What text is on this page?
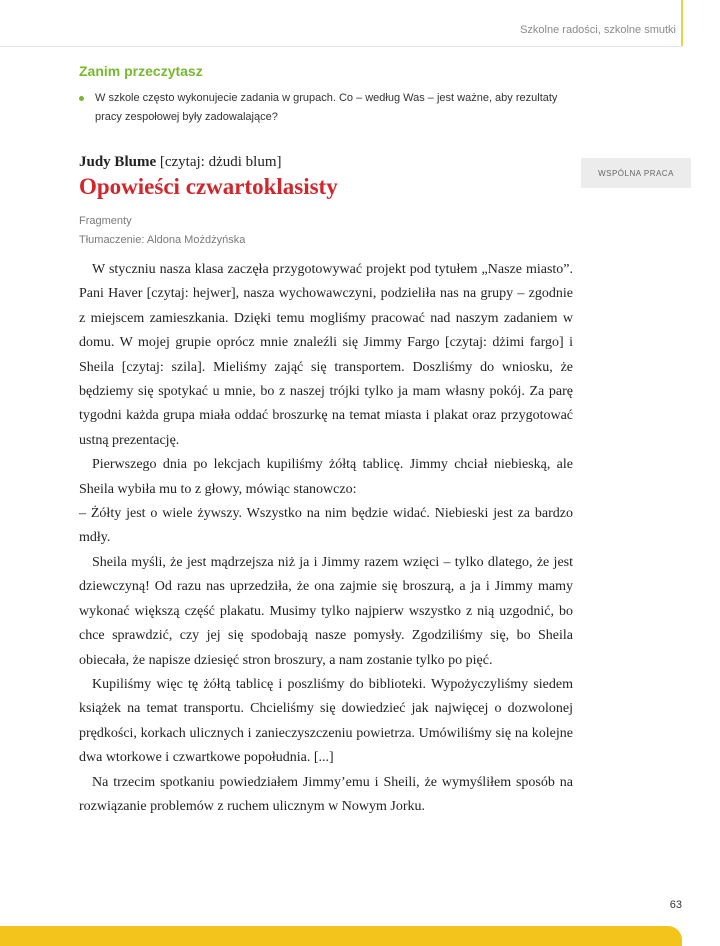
Szkolne radości, szkolne smutki
Zanim przeczytasz
W szkole często wykonujecie zadania w grupach. Co – według Was – jest ważne, aby rezultaty pracy zespołowej były zadowalające?
Judy Blume [czytaj: dżudi blum]
Opowieści czwartoklasisty
Fragmenty
Tłumaczenie: Aldona Możdżyńska
WSPÓLNA PRACA

W styczniu nasza klasa zaczęła przygotowywać projekt pod tytułem „Nasze miasto”. Pani Haver [czytaj: hejwer], nasza wychowawczyni, podzieliła nas na grupy – zgodnie z miejscem zamieszkania. Dzięki temu mogliśmy pracować nad naszym zadaniem w domu. W mojej grupie oprócz mnie znaleźli się Jimmy Fargo [czytaj: dżimi fargo] i Sheila [czytaj: szila]. Mieliśmy zająć się transportem. Doszliśmy do wniosku, że będziemy się spotykać u mnie, bo z naszej trójki tylko ja mam własny pokój. Za parę tygodni każda grupa miała oddać broszurkę na temat miasta i plakat oraz przygotować ustną prezentację.

Pierwszego dnia po lekcjach kupiliśmy żółtą tablicę. Jimmy chciał niebieską, ale Sheila wybiła mu to z głowy, mówiąc stanowczo:

– Żółty jest o wiele żywszy. Wszystko na nim będzie widać. Niebieski jest za bardzo mdły.

Sheila myśli, że jest mądrzejsza niż ja i Jimmy razem wzięci – tylko dlatego, że jest dziewczyną! Od razu nas uprzedziła, że ona zajmie się broszurą, a ja i Jimmy mamy wykonać większą część plakatu. Musimy tylko najpierw wszystko z nią uzgodnić, bo chce sprawdzić, czy jej się spodobają nasze pomysły. Zgodziliśmy się, bo Sheila obiecała, że napisze dziesięć stron broszury, a nam zostanie tylko po pięć.

Kupiliśmy więc tę żółtą tablicę i poszliśmy do biblioteki. Wypożyczyliśmy siedem książek na temat transportu. Chcieliśmy się dowiedzieć jak najwięcej o dozwolonej prędkości, korkach ulicznych i zanieczyszczeniu powietrza. Umówiliśmy się na kolejne dwa wtorkowe i czwartkowe popołudnia. [...]

Na trzecim spotkaniu powiedziałem Jimmy’emu i Sheili, że wymyśliłem sposób na rozwiązanie problemów z ruchem ulicznym w Nowym Jorku.

63
